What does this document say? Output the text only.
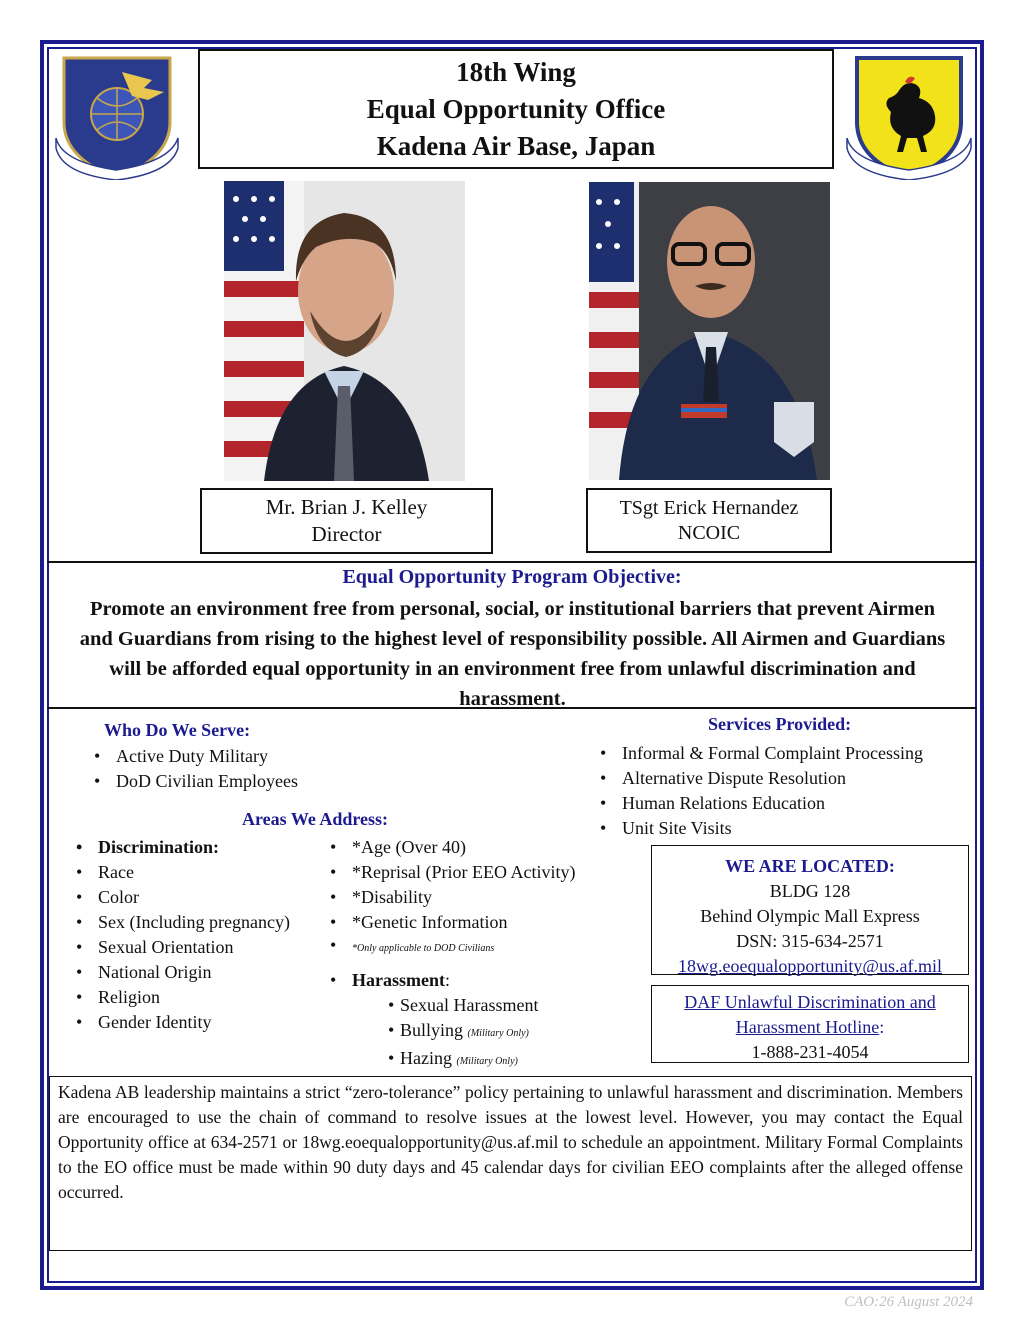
18th Wing
Equal Opportunity Office
Kadena Air Base, Japan
Mr. Brian J. Kelley
Director
TSgt Erick Hernandez
NCOIC
Equal Opportunity Program Objective:
Promote an environment free from personal, social, or institutional barriers that prevent Airmen and Guardians from rising to the highest level of responsibility possible. All Airmen and Guardians will be afforded equal opportunity in an environment free from unlawful discrimination and harassment.
Who Do We Serve:
• Active Duty Military
• DoD Civilian Employees
Services Provided:
• Informal & Formal Complaint Processing
• Alternative Dispute Resolution
• Human Relations Education
• Unit Site Visits
Areas We Address:
• Discrimination:
• Race
• Color
• Sex (Including pregnancy)
• Sexual Orientation
• National Origin
• Religion
• Gender Identity
• *Age (Over 40)
• *Reprisal (Prior EEO Activity)
• *Disability
• *Genetic Information
• *Only applicable to DOD Civilians
• Harassment:
• Sexual Harassment
• Bullying (Military Only)
• Hazing (Military Only)
WE ARE LOCATED:
BLDG 128
Behind Olympic Mall Express
DSN: 315-634-2571
18wg.eoequalopportunity@us.af.mil
DAF Unlawful Discrimination and
Harassment Hotline:
1-888-231-4054
Kadena AB leadership maintains a strict “zero-tolerance” policy pertaining to unlawful harassment and discrimination. Members are encouraged to use the chain of command to resolve issues at the lowest level. However, you may contact the Equal Opportunity office at 634-2571 or 18wg.eoequalopportunity@us.af.mil to schedule an appointment. Military Formal Complaints to the EO office must be made within 90 duty days and 45 calendar days for civilian EEO complaints after the alleged offense occurred.
CAO:26 August 2024
